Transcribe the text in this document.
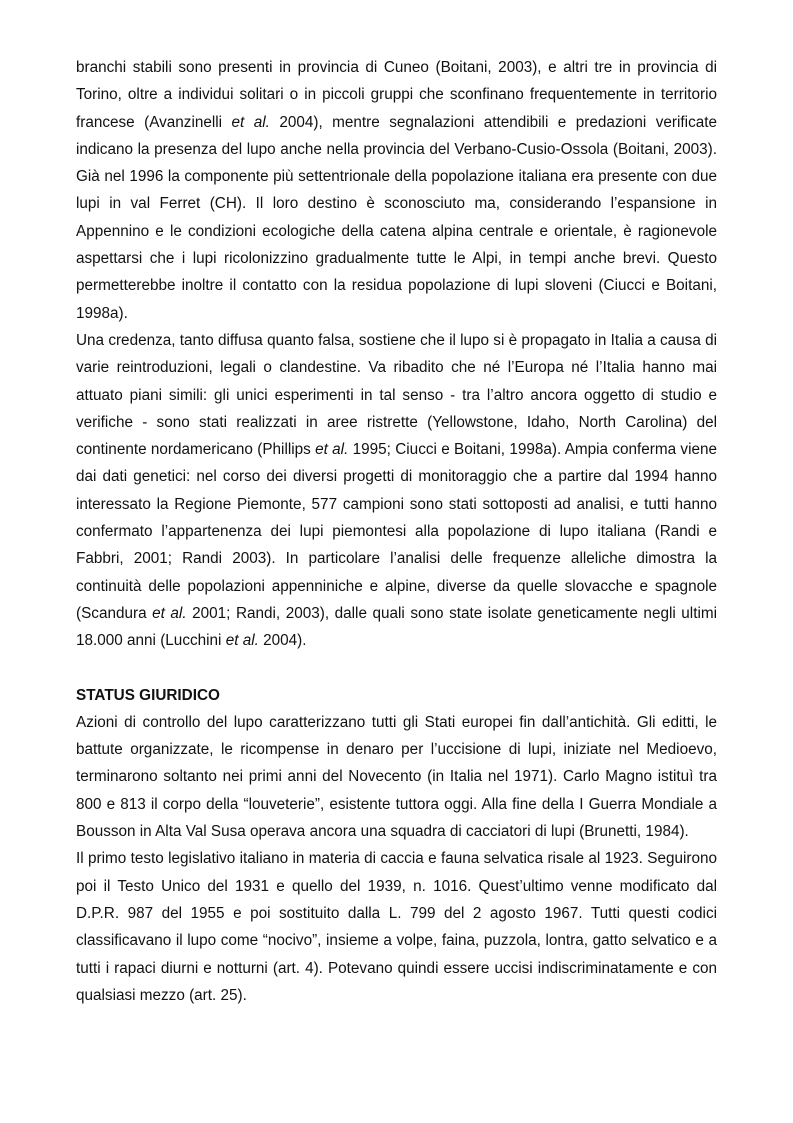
branchi stabili sono presenti in provincia di Cuneo (Boitani, 2003), e altri tre in provincia di Torino, oltre a individui solitari o in piccoli gruppi che sconfinano frequentemente in territorio francese (Avanzinelli et al. 2004), mentre segnalazioni attendibili e predazioni verificate indicano la presenza del lupo anche nella provincia del Verbano-Cusio-Ossola (Boitani, 2003). Già nel 1996 la componente più settentrionale della popolazione italiana era presente con due lupi in val Ferret (CH). Il loro destino è sconosciuto ma, considerando l’espansione in Appennino e le condizioni ecologiche della catena alpina centrale e orientale, è ragionevole aspettarsi che i lupi ricolonizzino gradualmente tutte le Alpi, in tempi anche brevi. Questo permetterebbe inoltre il contatto con la residua popolazione di lupi sloveni (Ciucci e Boitani, 1998a).

Una credenza, tanto diffusa quanto falsa, sostiene che il lupo si è propagato in Italia a causa di varie reintroduzioni, legali o clandestine. Va ribadito che né l’Europa né l’Italia hanno mai attuato piani simili: gli unici esperimenti in tal senso - tra l’altro ancora oggetto di studio e verifiche - sono stati realizzati in aree ristrette (Yellowstone, Idaho, North Carolina) del continente nordamericano (Phillips et al. 1995; Ciucci e Boitani, 1998a). Ampia conferma viene dai dati genetici: nel corso dei diversi progetti di monitoraggio che a partire dal 1994 hanno interessato la Regione Piemonte, 577 campioni sono stati sottoposti ad analisi, e tutti hanno confermato l’appartenenza dei lupi piemontesi alla popolazione di lupo italiana (Randi e Fabbri, 2001; Randi 2003). In particolare l’analisi delle frequenze alleliche dimostra la continuità delle popolazioni appenniniche e alpine, diverse da quelle slovacche e spagnole (Scandura et al. 2001; Randi, 2003), dalle quali sono state isolate geneticamente negli ultimi 18.000 anni (Lucchini et al. 2004).

STATUS GIURIDICO

Azioni di controllo del lupo caratterizzano tutti gli Stati europei fin dall’antichità. Gli editti, le battute organizzate, le ricompense in denaro per l’uccisione di lupi, iniziate nel Medioevo, terminarono soltanto nei primi anni del Novecento (in Italia nel 1971). Carlo Magno istituì tra 800 e 813 il corpo della “louveterie”, esistente tuttora oggi. Alla fine della I Guerra Mondiale a Bousson in Alta Val Susa operava ancora una squadra di cacciatori di lupi (Brunetti, 1984).

Il primo testo legislativo italiano in materia di caccia e fauna selvatica risale al 1923. Seguirono poi il Testo Unico del 1931 e quello del 1939, n. 1016. Quest’ultimo venne modificato dal D.P.R. 987 del 1955 e poi sostituito dalla L. 799 del 2 agosto 1967. Tutti questi codici classificavano il lupo come “nocivo”, insieme a volpe, faina, puzzola, lontra, gatto selvatico e a tutti i rapaci diurni e notturni (art. 4). Potevano quindi essere uccisi indiscriminatamente e con qualsiasi mezzo (art. 25).
